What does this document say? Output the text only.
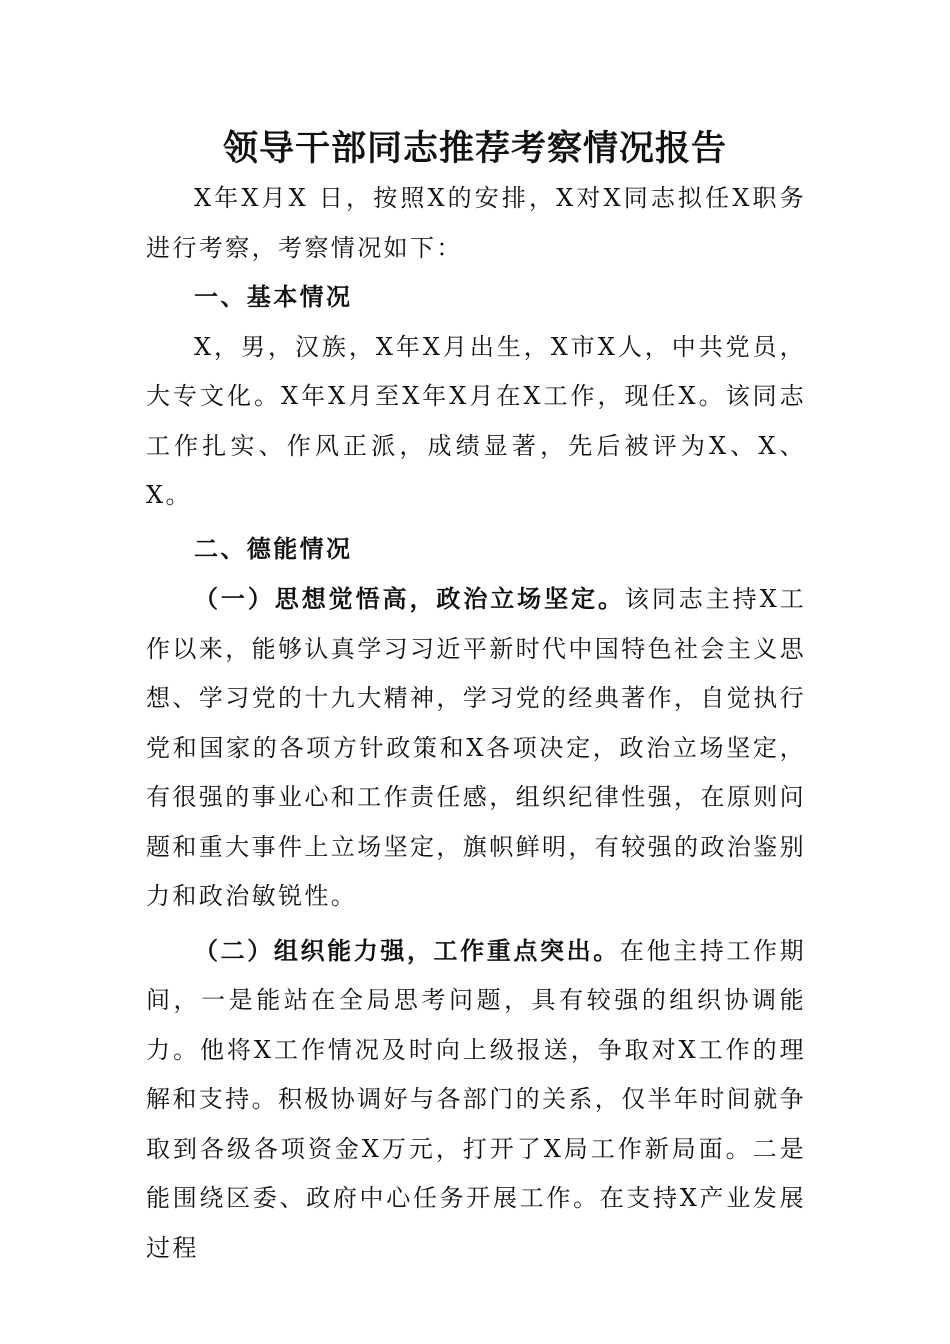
领导干部同志推荐考察情况报告

X年X月X 日，按照X的安排，X对X同志拟任X职务进行考察，考察情况如下：

一、基本情况

X，男，汉族，X年X月出生，X市X人，中共党员，大专文化。X年X月至X年X月在X工作，现任X。该同志工作扎实、作风正派，成绩显著，先后被评为X、X、X。

二、德能情况

（一）思想觉悟高，政治立场坚定。该同志主持X工作以来，能够认真学习习近平新时代中国特色社会主义思想、学习党的十九大精神，学习党的经典著作，自觉执行党和国家的各项方针政策和X各项决定，政治立场坚定，有很强的事业心和工作责任感，组织纪律性强，在原则问题和重大事件上立场坚定，旗帜鲜明，有较强的政治鉴别力和政治敏锐性。

（二）组织能力强，工作重点突出。在他主持工作期间，一是能站在全局思考问题，具有较强的组织协调能力。他将X工作情况及时向上级报送，争取对X工作的理解和支持。积极协调好与各部门的关系，仅半年时间就争取到各级各项资金X万元，打开了X局工作新局面。二是能围绕区委、政府中心任务开展工作。在支持X产业发展过程
